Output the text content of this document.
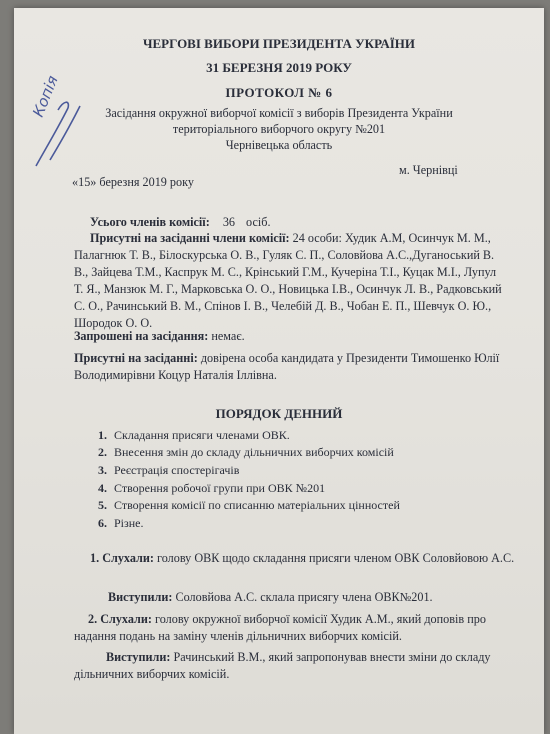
Копія
ЧЕРГОВІ ВИБОРИ ПРЕЗИДЕНТА УКРАЇНИ
31 БЕРЕЗНЯ 2019 РОКУ
ПРОТОКОЛ № 6
Засідання окружної виборчої комісії з виборів Президента України
територіального виборчого округу №201
Чернівецька область
«15» березня 2019 року
м. Чернівці
Усього членів комісії: 36 осіб.
Присутні на засіданні члени комісії: 24 особи: Худик А.М, Осинчук М. М., Палагнюк Т. В., Білоскурська О. В., Гуляк С. П., Соловйова А.С.,Дуганоський В. В., Зайцева Т.М., Каспрук М. С., Крінський Г.М., Кучеріна Т.І., Куцак М.І., Лупул Т. Я., Манзюк М. Г., Марковська О. О., Новицька І.В., Осинчук Л. В., Радковський С. О., Рачинський В. М., Спінов І. В., Челебій Д. В., Чобан Е. П., Шевчук О. Ю., Шородок О. О.
Запрошені на засідання: немає.
Присутні на засіданні: довірена особа кандидата у Президенти Тимошенко Юлії Володимирівни Коцур Наталія Іллівна.
ПОРЯДОК ДЕННИЙ
1. Складання присяги членами ОВК.
2. Внесення змін до складу дільничних виборчих комісій
3. Реєстрація спостерігачів
4. Створення робочої групи при ОВК №201
5. Створення комісії по списанню матеріальних цінностей
6. Різне.
1. Слухали: голову ОВК щодо складання присяги членом ОВК Соловйовою А.С.
Виступили: Соловйова А.С. склала присягу члена ОВК№201.
2. Слухали: голову окружної виборчої комісії Худик А.М., який доповів про надання подань на заміну членів дільничних виборчих комісій.
Виступили: Рачинський В.М., який запропонував внести зміни до складу дільничних виборчих комісій.
